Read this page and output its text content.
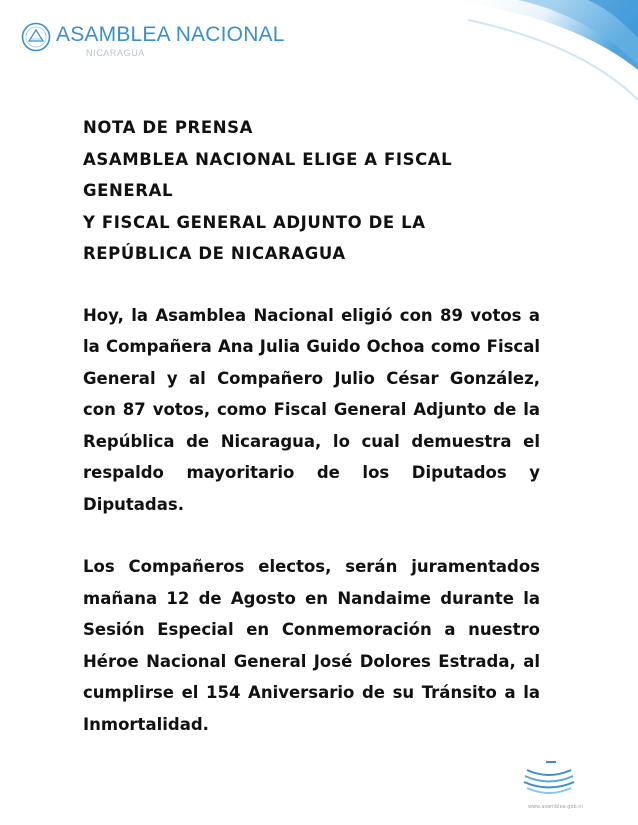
ASAMBLEA NACIONAL
NICARAGUA
NOTA DE PRENSA
ASAMBLEA NACIONAL ELIGE A FISCAL
GENERAL
Y FISCAL GENERAL ADJUNTO DE LA
REPÚBLICA DE NICARAGUA

Hoy, la Asamblea Nacional eligió con 89 votos a la Compañera Ana Julia Guido Ochoa como Fiscal General y al Compañero Julio César González, con 87 votos, como Fiscal General Adjunto de la República de Nicaragua, lo cual demuestra el respaldo mayoritario de los Diputados y Diputadas.

Los Compañeros electos, serán juramentados mañana 12 de Agosto en Nandaime durante la Sesión Especial en Conmemoración a nuestro Héroe Nacional General José Dolores Estrada, al cumplirse el 154 Aniversario de su Tránsito a la Inmortalidad.

www.asamblea.gob.ni
